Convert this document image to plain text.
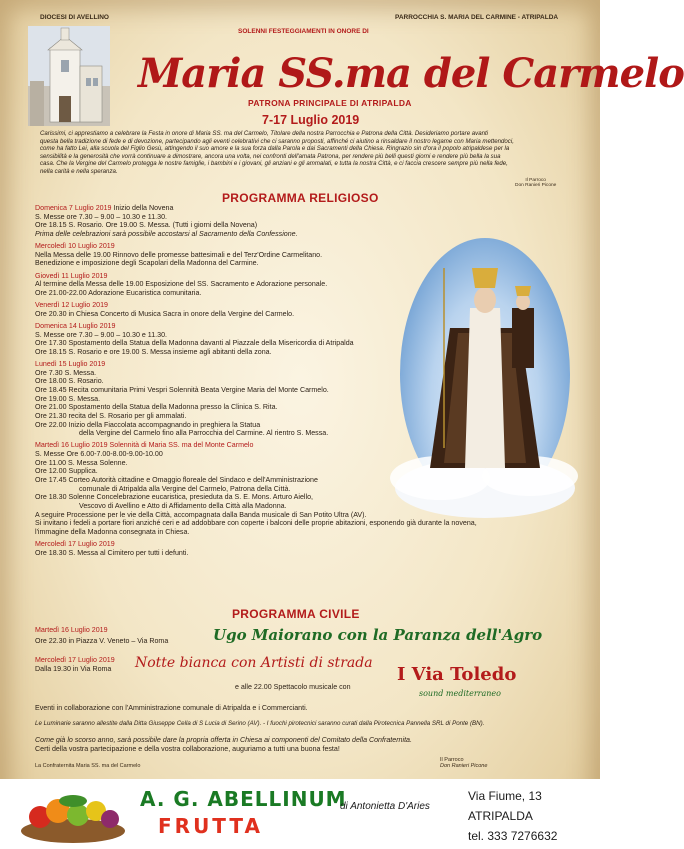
DIOCESI DI AVELLINO
SOLENNI FESTEGGIAMENTI IN ONORE DI
PARROCCHIA S. MARIA DEL CARMINE - ATRIPALDA
Maria SS.ma del Carmelo
PATRONA PRINCIPALE DI ATRIPALDA
7-17 Luglio 2019
Carissimi, ci apprestiamo a celebrare la Festa in onore di Maria SS. ma del Carmelo, Titolare della nostra Parrocchia e Patrona della Città. Desideriamo portare avanti
questa bella tradizione di fede e di devozione, partecipando agli eventi celebrativi che ci saranno proposti, affinché ci aiutino a rinsaldare il nostro legame con Maria mettendoci,
come ha fatto Lei, alla scuola del Figlio Gesù, attingendo il suo amore e la sua forza dalla Parola e dai Sacramenti della Chiesa. Ringrazio sin d'ora il popolo atripaldese per la
sensibilità e la generosità che vorrà continuare a dimostrare, ancora una volta, nei confronti dell'amata Patrona, per rendere più belli questi giorni e rendere più bella la sua
casa. Che la Vergine del Carmelo protegga le nostre famiglie, i bambini e i giovani, gli anziani e gli ammalati, e tutta la nostra Città, e ci faccia crescere sempre più nella fede,
nella carità e nella speranza.
Il Parroco
Don Ranieri Picone
PROGRAMMA RELIGIOSO

Domenica 7 Luglio 2019 Inizio della Novena

S. Messe ore 7.30 – 9.00 – 10.30 e 11.30.

Ore 18.15 S. Rosario. Ore 19.00 S. Messa. (Tutti i giorni della Novena)

Prima delle celebrazioni sarà possibile accostarsi al Sacramento della Confessione.

Mercoledì 10 Luglio 2019

Nella Messa delle 19.00 Rinnovo delle promesse battesimali e del Terz'Ordine Carmelitano.

Benedizione e imposizione degli Scapolari della Madonna del Carmine.

Giovedì 11 Luglio 2019

Al termine della Messa delle 19.00 Esposizione del SS. Sacramento e Adorazione personale.

Ore 21.00-22.00 Adorazione Eucaristica comunitaria.

Venerdì 12 Luglio 2019

Ore 20.30 in Chiesa Concerto di Musica Sacra in onore della Vergine del Carmelo.

Domenica 14 Luglio 2019

S. Messe ore 7.30 – 9.00 – 10.30 e 11.30.

Ore 17.30 Spostamento della Statua della Madonna davanti al Piazzale della Misericordia di Atripalda

Ore 18.15 S. Rosario e ore 19.00 S. Messa insieme agli abitanti della zona.

Lunedì 15 Luglio 2019

Ore 7.30 S. Messa.

Ore 18.00 S. Rosario.

Ore 18.45 Recita comunitaria Primi Vespri Solennità Beata Vergine Maria del Monte Carmelo.

Ore 19.00 S. Messa.

Ore 21.00 Spostamento della Statua della Madonna presso la Clinica S. Rita.

Ore 21.30 recita del S. Rosario per gli ammalati.

Ore 22.00 Inizio della Fiaccolata accompagnando in preghiera la Statua

della Vergine del Carmelo fino alla Parrocchia del Carmine. Al rientro S. Messa.

Martedì 16 Luglio 2019 Solennità di Maria SS. ma del Monte Carmelo

S. Messe Ore 6.00-7.00-8.00-9.00-10.00

Ore 11.00 S. Messa Solenne.

Ore 12.00 Supplica.

Ore 17.45 Corteo Autorità cittadine e Omaggio floreale del Sindaco e dell'Amministrazione

comunale di Atripalda alla Vergine del Carmelo, Patrona della Città.

Ore 18.30 Solenne Concelebrazione eucaristica, presieduta da S. E. Mons. Arturo Aiello,

Vescovo di Avellino e Atto di Affidamento della Città alla Madonna.

A seguire Processione per le vie della Città, accompagnata dalla Banda musicale di San Potito Ultra (AV).

Si invitano i fedeli a portare fiori anziché ceri e ad addobbare con coperte i balconi delle proprie abitazioni, esponendo già durante la novena,

l'immagine della Madonna consegnata in Chiesa.

Mercoledì 17 Luglio 2019

Ore 18.30 S. Messa al Cimitero per tutti i defunti.

PROGRAMMA CIVILE
Martedì 16 Luglio 2019
Ore 22.30 in Piazza V. Veneto – Via Roma	Ugo Maiorano con la Paranza dell'Agro
Mercoledì 17 Luglio 2019
Dalla 19.30 in Via Roma Notte bianca con Artisti di strada
e alle 22.00 Spettacolo musicale con
I Via Toledo
sound mediterraneo
Eventi in collaborazione con l'Amministrazione comunale di Atripalda e i Commercianti.
Le Luminarie saranno allestite dalla Ditta Giuseppe Cella di S Lucia di Serino (AV). - I fuochi pirotecnici saranno curati dalla Pirotecnica Pannella SRL di Ponte (BN).
Come già lo scorso anno, sarà possibile dare la propria offerta in Chiesa ai componenti del Comitato della Confraternita.
Certi della vostra partecipazione e della vostra collaborazione, auguriamo a tutti una buona festa!
La Confraternita Maria SS. ma del Carmelo
Il Parroco
Don Ranieri Picone
A. G. ABELLINUM
FRUTTA
di Antonietta D'Aries
Via Fiume, 13
ATRIPALDA
tel. 333 7276632
